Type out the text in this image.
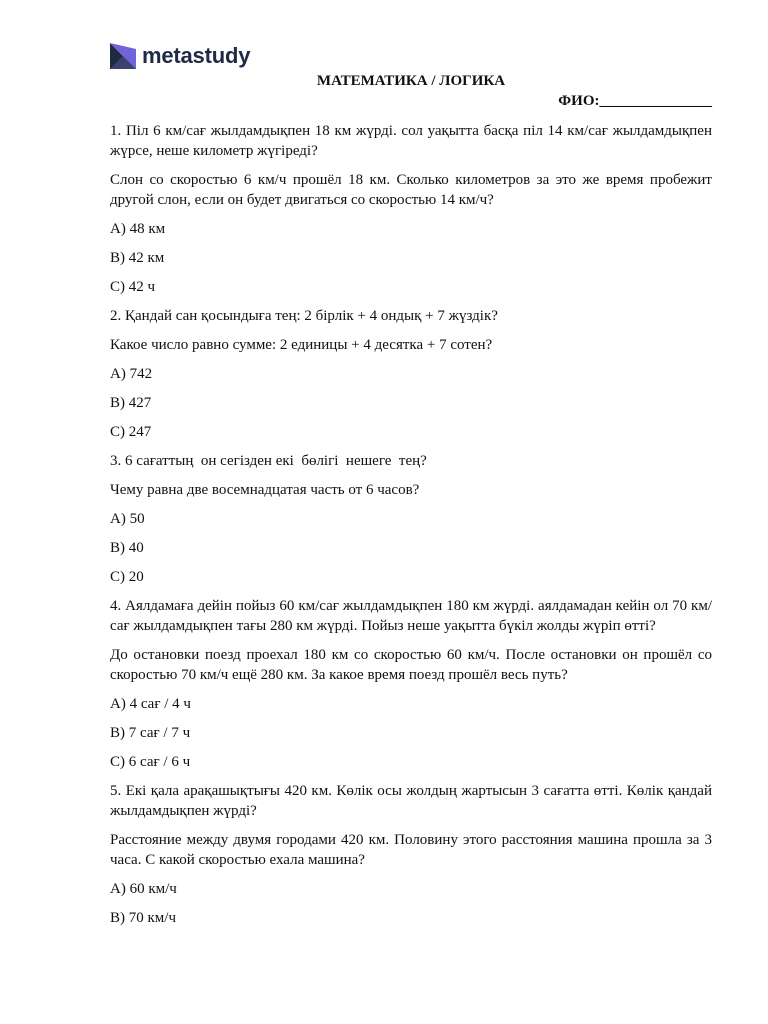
metastudy
МАТЕМАТИКА / ЛОГИКА
ФИО:_______________

1. Піл 6 км/сағ жылдамдықпен 18 км жүрді. сол уақытта басқа піл 14 км/сағ жылдамдықпен жүрсе, неше километр жүгіреді?

Слон со скоростью 6 км/ч прошёл 18 км. Сколько километров за это же время пробежит другой слон, если он будет двигаться со скоростью 14 км/ч?

A) 48 км

B) 42 км

C) 42 ч

2. Қандай сан қосындыға тең: 2 бірлік + 4 ондық + 7 жүздік?

Какое число равно сумме: 2 единицы + 4 десятка + 7 сотен?

A) 742

B) 427

C) 247

3. 6 сағаттың  он сегізден екі  бөлігі  нешеге  тең?

Чему равна две восемнадцатая часть от 6 часов?

A) 50

B) 40

C) 20

4. Аялдамаға дейін пойыз 60 км/сағ жылдамдықпен 180 км жүрді. аялдамадан кейін ол 70 км/сағ жылдамдықпен тағы 280 км жүрді. Пойыз неше уақытта бүкіл жолды жүріп өтті?

До остановки поезд проехал 180 км со скоростью 60 км/ч. После остановки он прошёл со скоростью 70 км/ч ещё 280 км. За какое время поезд прошёл весь путь?

A) 4 сағ / 4 ч

B) 7 сағ / 7 ч

C) 6 сағ / 6 ч

5. Екі қала арақашықтығы 420 км. Көлік осы жолдың жартысын 3 сағатта өтті. Көлік қандай жылдамдықпен жүрді?

Расстояние между двумя городами 420 км. Половину этого расстояния машина прошла за 3 часа. С какой скоростью ехала машина?

A) 60 км/ч

B) 70 км/ч
